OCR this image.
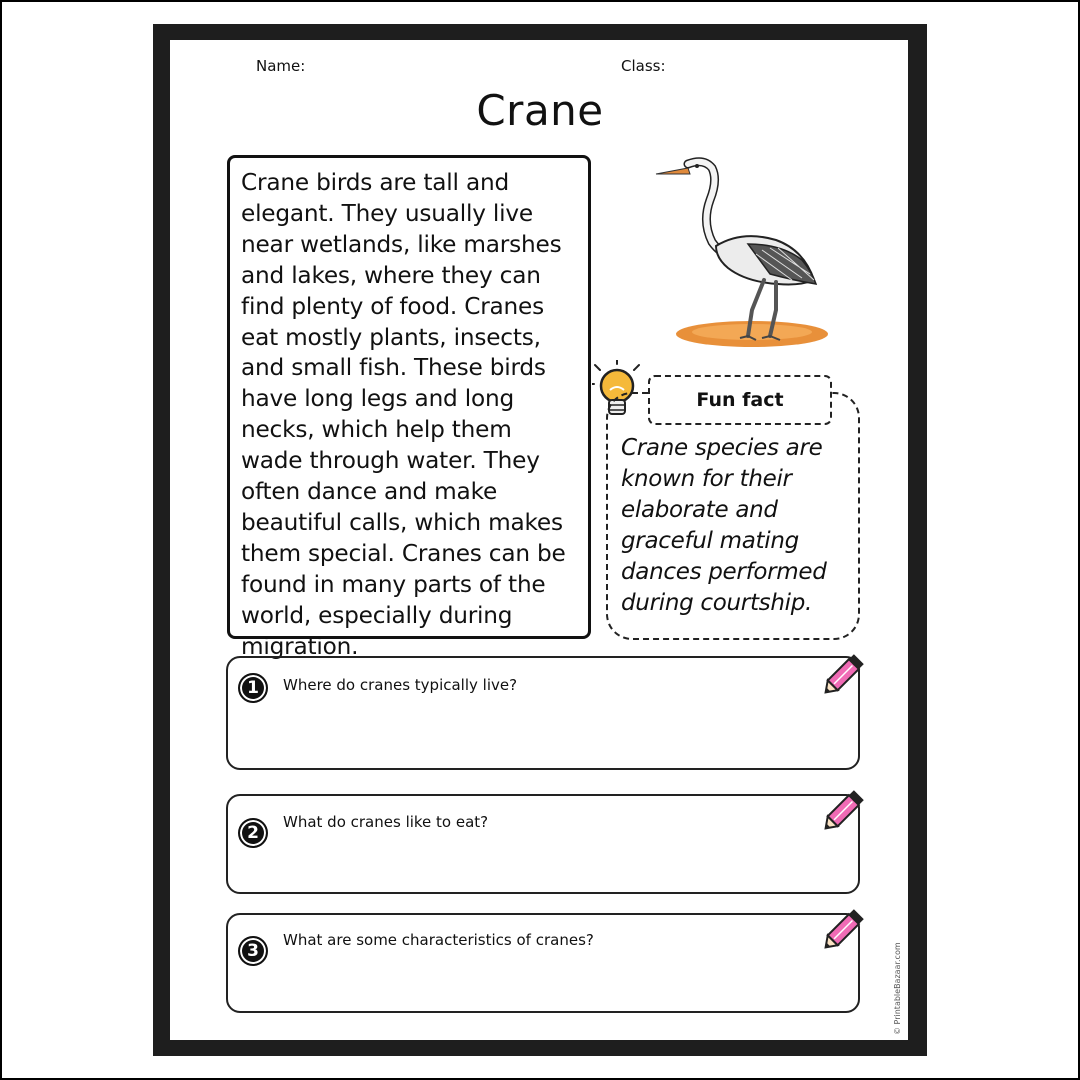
Name:	Class:
Crane
Crane birds are tall and elegant. They usually live near wetlands, like marshes and lakes, where they can find plenty of food. Cranes eat mostly plants, insects, and small fish. These birds have long legs and long necks, which help them wade through water. They often dance and make beautiful calls, which makes them special. Cranes can be found in many parts of the world, especially during migration.
Fun fact
Crane species are known for their elaborate and graceful mating dances performed during courtship.
1	Where do cranes typically live?
2
What do cranes like to eat?
3
What are some characteristics of cranes?
© PrintableBazaar.com
